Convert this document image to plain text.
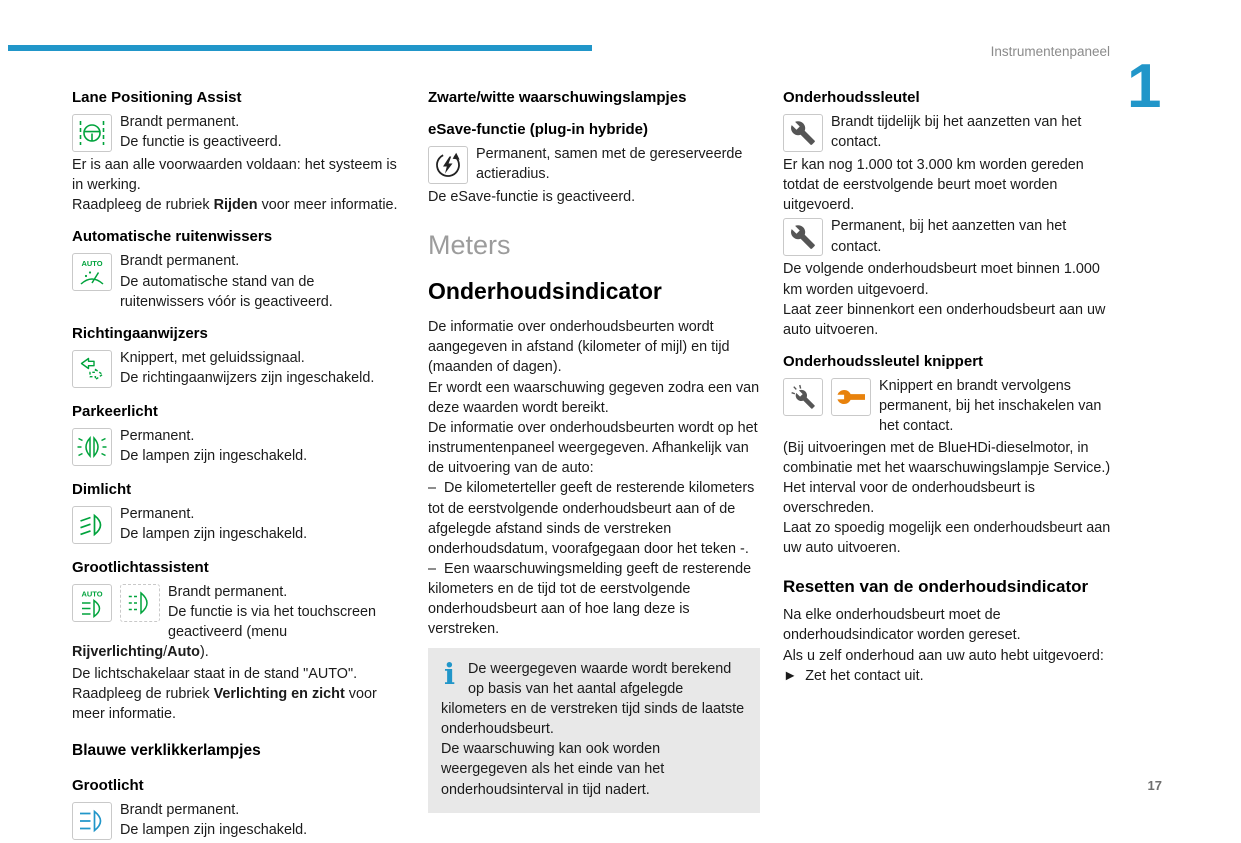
Instrumentenpaneel
1
Lane Positioning Assist
Brandt permanent.
De functie is geactiveerd.

Er is aan alle voorwaarden voldaan: het systeem is in werking.

Raadpleeg de rubriek Rijden voor meer informatie.

Automatische ruitenwissers
AUTO Brandt permanent.
De automatische stand van de ruitenwissers vóór is geactiveerd.
Richtingaanwijzers
Knippert, met geluidssignaal.
De richtingaanwijzers zijn ingeschakeld.
Parkeerlicht
Permanent.
De lampen zijn ingeschakeld.
Dimlicht
Permanent.
De lampen zijn ingeschakeld.
Grootlichtassistent
AUTO	Brandt permanent.
De functie is via het touchscreen geactiveerd (menu Rijverlichting/Auto).

De lichtschakelaar staat in de stand "AUTO".

Raadpleeg de rubriek Verlichting en zicht voor meer informatie.

Blauwe verklikkerlampjes
Grootlicht
Brandt permanent.
De lampen zijn ingeschakeld.
Zwarte/witte waarschuwingslampjes
eSave-functie (plug-in hybride)
Permanent, samen met de gereserveerde actieradius.

De eSave-functie is geactiveerd.

Meters
Onderhoudsindicator

De informatie over onderhoudsbeurten wordt aangegeven in afstand (kilometer of mijl) en tijd (maanden of dagen).

Er wordt een waarschuwing gegeven zodra een van deze waarden wordt bereikt.

De informatie over onderhoudsbeurten wordt op het instrumentenpaneel weergegeven. Afhankelijk van de uitvoering van de auto:

–  De kilometerteller geeft de resterende kilometers tot de eerstvolgende onderhoudsbeurt aan of de afgelegde afstand sinds de verstreken onderhoudsdatum, voorafgegaan door het teken -.

–  Een waarschuwingsmelding geeft de resterende kilometers en de tijd tot de eerstvolgende onderhoudsbeurt aan of hoe lang deze is verstreken.

i De weergegeven waarde wordt berekend op basis van het aantal afgelegde kilometers en de verstreken tijd sinds de laatste onderhoudsbeurt.

De waarschuwing kan ook worden weergegeven als het einde van het onderhoudsinterval in tijd nadert.

Onderhoudssleutel
Brandt tijdelijk bij het aanzetten van het contact.

Er kan nog 1.000 tot 3.000 km worden gereden totdat de eerstvolgende beurt moet worden uitgevoerd.

Permanent, bij het aanzetten van het contact.

De volgende onderhoudsbeurt moet binnen 1.000 km worden uitgevoerd.

Laat zeer binnenkort een onderhoudsbeurt aan uw auto uitvoeren.

Onderhoudssleutel knippert
Knippert en brandt vervolgens permanent, bij het inschakelen van het contact.

(Bij uitvoeringen met de BlueHDi-dieselmotor, in combinatie met het waarschuwingslampje Service.)

Het interval voor de onderhoudsbeurt is overschreden.

Laat zo spoedig mogelijk een onderhoudsbeurt aan uw auto uitvoeren.

Resetten van de onderhoudsindicator

Na elke onderhoudsbeurt moet de onderhoudsindicator worden gereset.

Als u zelf onderhoud aan uw auto hebt uitgevoerd:

►  Zet het contact uit.

17
